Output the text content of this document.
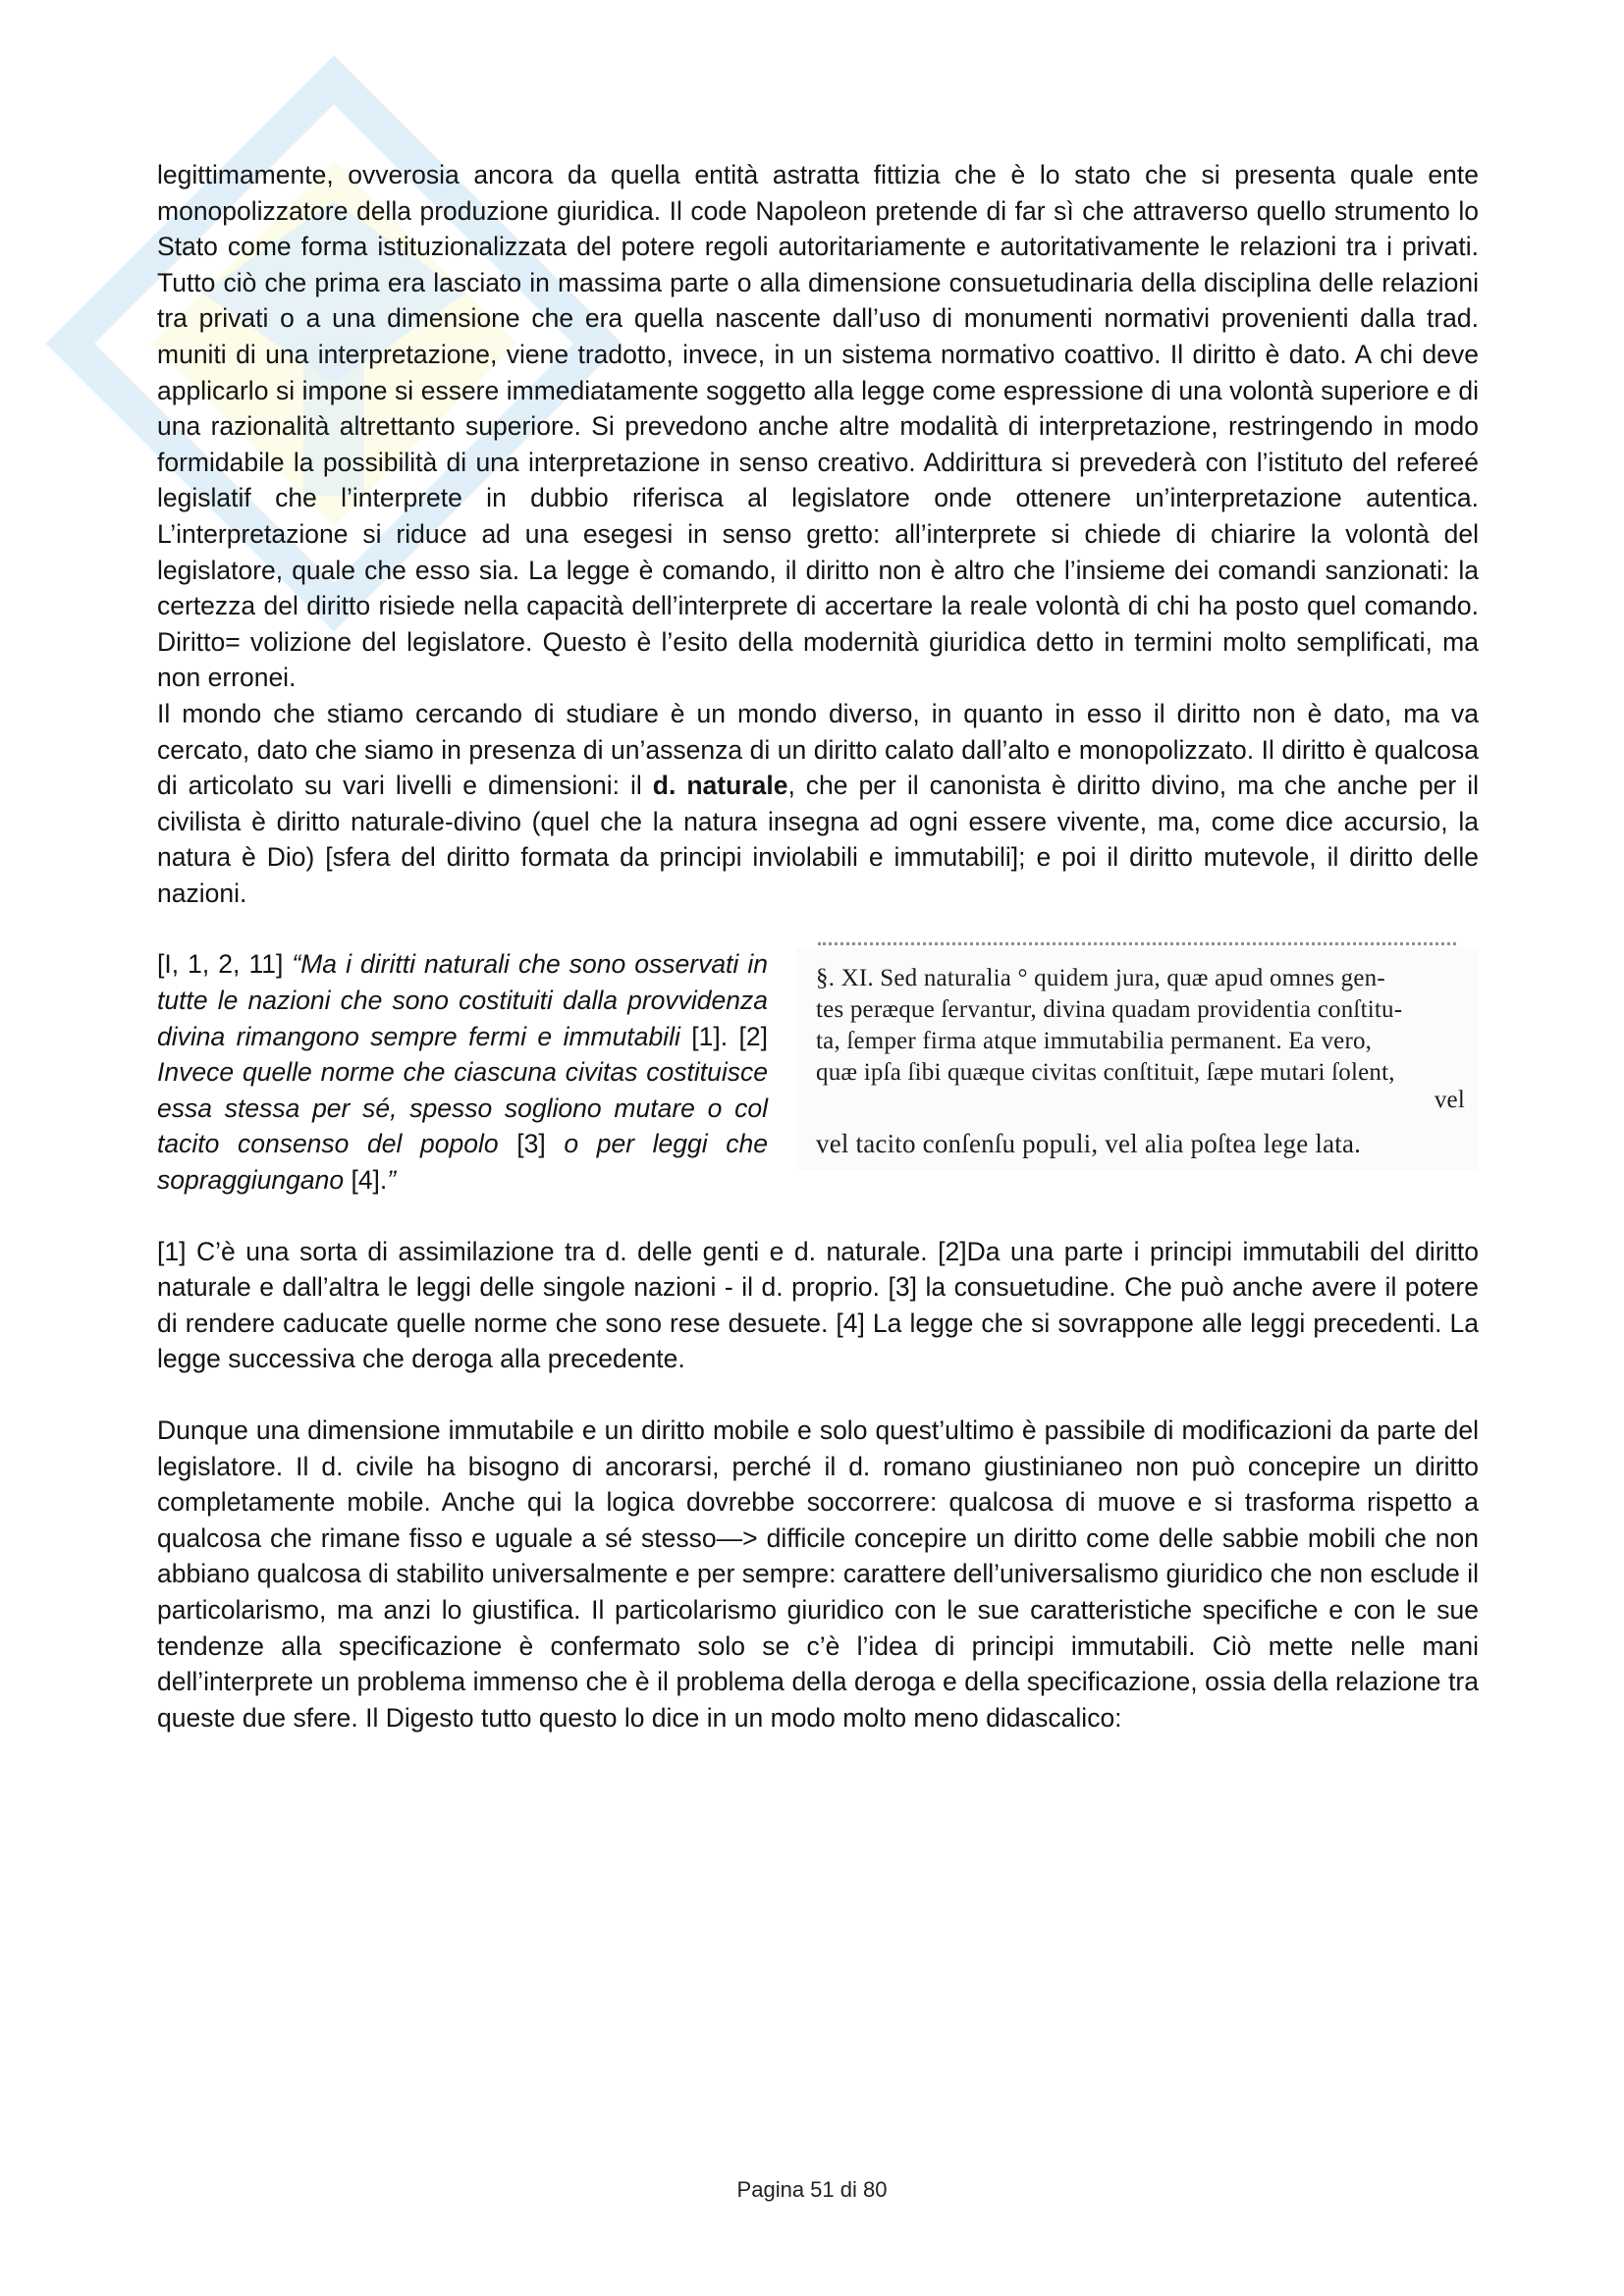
legittimamente, ovverosia ancora da quella entità astratta fittizia che è lo stato che si presenta quale ente monopolizzatore della produzione giuridica. Il code Napoleon pretende di far sì che attraverso quello strumento lo Stato come forma istituzionalizzata del potere regoli autoritariamente e autoritativamente le relazioni tra i privati. Tutto ciò che prima era lasciato in massima parte o alla dimensione consuetudinaria della disciplina delle relazioni tra privati o a una dimensione che era quella nascente dall’uso di monumenti normativi provenienti dalla trad. muniti di una interpretazione, viene tradotto, invece, in un sistema normativo coattivo. Il diritto è dato. A chi deve applicarlo si impone si essere immediatamente soggetto alla legge come espressione di una volontà superiore e di una razionalità altrettanto superiore. Si prevedono anche altre modalità di interpretazione, restringendo in modo formidabile la possibilità di una interpretazione in senso creativo. Addirittura si prevederà con l’istituto del refereé legislatif che l’interprete in dubbio riferisca al legislatore onde ottenere un’interpretazione autentica. L’interpretazione si riduce ad una esegesi in senso gretto: all’interprete si chiede di chiarire la volontà del legislatore, quale che esso sia. La legge è comando, il diritto non è altro che l’insieme dei comandi sanzionati: la certezza del diritto risiede nella capacità dell’interprete di accertare la reale volontà di chi ha posto quel comando. Diritto= volizione del legislatore. Questo è l’esito della modernità giuridica detto in termini molto semplificati, ma non erronei.

Il mondo che stiamo cercando di studiare è un mondo diverso, in quanto in esso il diritto non è dato, ma va cercato, dato che siamo in presenza di un’assenza di un diritto calato dall’alto e monopolizzato. Il diritto è qualcosa di articolato su vari livelli e dimensioni: il d. naturale, che per il canonista è diritto divino, ma che anche per il civilista è diritto naturale-divino (quel che la natura insegna ad ogni essere vivente, ma, come dice accursio, la natura è Dio) [sfera del diritto formata da principi inviolabili e immutabili]; e poi il diritto mutevole, il diritto delle nazioni.

[I, 1, 2, 11] “Ma i diritti naturali che sono osservati in tutte le nazioni che sono costituiti dalla provvidenza divina rimangono sempre fermi e immutabili [1]. [2] Invece quelle norme che ciascuna civitas costituisce essa stessa per sé, spesso sogliono mutare o col tacito consenso del popolo [3] o per leggi che sopraggiungano [4].”
§. XI. Sed naturalia ° quidem jura, quæ apud omnes gen-
tes peræque ſervantur, divina quadam providentia conſtitu-
ta, ſemper firma atque immutabilia permanent. Ea vero,
quæ ipſa ſibi quæque civitas conſtituit, ſæpe mutari ſolent,
vel
vel tacito conſenſu populi, vel alia poſtea lege lata.

[1] C’è una sorta di assimilazione tra d. delle genti e d. naturale. [2]Da una parte i principi immutabili del diritto naturale e dall’altra le leggi delle singole nazioni - il d. proprio. [3] la consuetudine. Che può anche avere il potere di rendere caducate quelle norme che sono rese desuete. [4] La legge che si sovrappone alle leggi precedenti. La legge successiva che deroga alla precedente.

Dunque una dimensione immutabile e un diritto mobile e solo quest’ultimo è passibile di modificazioni da parte del legislatore. Il d. civile ha bisogno di ancorarsi, perché il d. romano giustinianeo non può concepire un diritto completamente mobile. Anche qui la logica dovrebbe soccorrere: qualcosa di muove e si trasforma rispetto a qualcosa che rimane fisso e uguale a sé stesso—> difficile concepire un diritto come delle sabbie mobili che non abbiano qualcosa di stabilito universalmente e per sempre: carattere dell’universalismo giuridico che non esclude il particolarismo, ma anzi lo giustifica. Il particolarismo giuridico con le sue caratteristiche specifiche e con le sue tendenze alla specificazione è confermato solo se c’è l’idea di principi immutabili. Ciò mette nelle mani dell’interprete un problema immenso che è il problema della deroga e della specificazione, ossia della relazione tra queste due sfere. Il Digesto tutto questo lo dice in un modo molto meno didascalico:

Pagina 51 di 80
